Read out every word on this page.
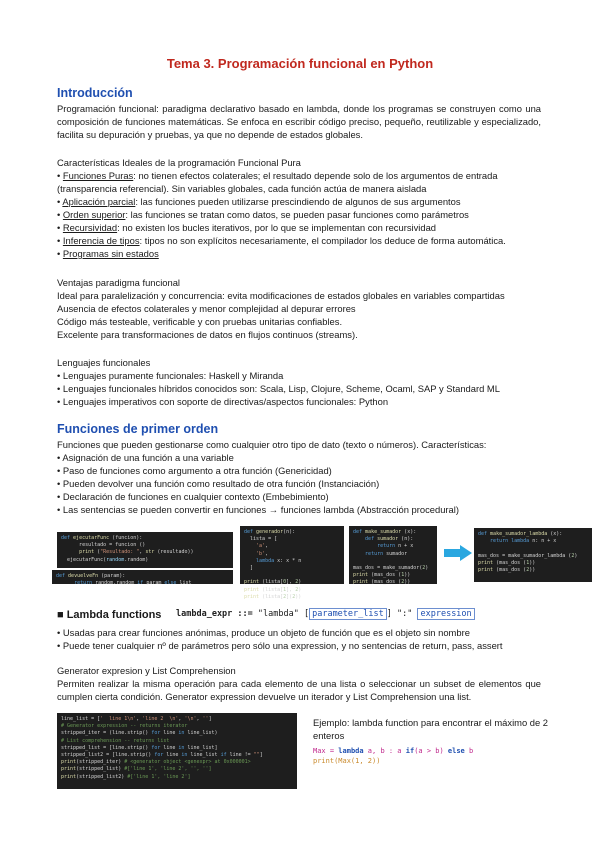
Tema 3. Programación funcional en Python
Introducción
Programación funcional: paradigma declarativo basado en lambda, donde los programas se construyen como una composición de funciones matemáticas. Se enfoca en escribir código preciso, pequeño, reutilizable y especializado, facilita su depuración y pruebas, ya que no depende de estados globales.
Características Ideales de la programación Funcional Pura
• Funciones Puras: no tienen efectos colaterales; el resultado depende solo de los argumentos de entrada
(transparencia referencial). Sin variables globales, cada función actúa de manera aislada
• Aplicación parcial: las funciones pueden utilizarse prescindiendo de algunos de sus argumentos
• Orden superior: las funciones se tratan como datos, se pueden pasar funciones como parámetros
• Recursividad: no existen los bucles iterativos, por lo que se implementan con recursividad
• Inferencia de tipos: tipos no son explícitos necesariamente, el compilador los deduce de forma automática.
• Programas sin estados
Ventajas paradigma funcional
Ideal para paralelización y concurrencia: evita modificaciones de estados globales en variables compartidas
Ausencia de efectos colaterales y menor complejidad al depurar errores
Código más testeable, verificable y con pruebas unitarias confiables.
Excelente para transformaciones de datos en flujos continuos (streams).
Lenguajes funcionales
• Lenguajes puramente funcionales: Haskell y Miranda
• Lenguajes funcionales híbridos conocidos son: Scala, Lisp, Clojure, Scheme, Ocaml, SAP y Standard ML
• Lenguajes imperativos con soporte de directivas/aspectos funcionales: Python
Funciones de primer orden
Funciones que pueden gestionarse como cualquier otro tipo de dato (texto o números). Características:
• Asignación de una función a una variable
• Paso de funciones como argumento a otra función (Genericidad)
• Pueden devolver una función como resultado de otra función (Instanciación)
• Declaración de funciones en cualquier contexto (Embebimiento)
• Las sentencias se pueden convertir en funciones → funciones lambda (Abstracción procedural)
def ejecutarFunc (funcion):
resultado = funcion ()
print ("Resultado: ", str (resultado))
ejecutarFunc(random.random)
def devuelveFn (param):
return random.random if param else list
def generador(n):
lista = [
'a',
'b',
lambda x: x * n
]

print (lista[0], 2)
print (lista[1], 2)
print (lista[2](2))
def make_sumador (x):
def sumador (n):
return n + x
return sumador

mas_dos = make_sumador(2)
print (mas_dos (1))
print (mas_dos (2))
def make_sumador_lambda (x):
return lambda n: n + x

mas_dos = make_sumador_lambda (2)
print (mas_dos (1))
print (mas_dos (2))
■ Lambda functions lambda_expr ::= "lambda" [ parameter_list ] ":" expression
• Usadas para crear funciones anónimas, produce un objeto de función que es el objeto sin nombre
• Puede tener cualquier nº de parámetros pero sólo una expression, y no sentencias de return, pass, assert
Generator expresion y List Comprehension
Permiten realizar la misma operación para cada elemento de una lista o seleccionar un subset de elementos que cumplen cierta condición. Generator expression devuelve un iterador y List Comprehension una list.
line_list = ['  line 1\n', 'line 2  \n', '\n', '']
# Generator expression -- returns iterator
stripped_iter = (line.strip() for line in line_list)
# List comprehension -- returns list
stripped_list = [line.strip() for line in line_list]
stripped_list2 = [line.strip() for line in line_list if line != ""]
print(stripped_iter) # <generator object <genexpr> at 0x000001>
print(stripped_list) #['line 1', 'line 2', '', '']
print(stripped_list2) #['line 1', 'line 2']
Ejemplo: lambda function para encontrar el máximo de 2 enteros
Max = lambda a, b : a if(a > b) else b
print(Max(1, 2))
